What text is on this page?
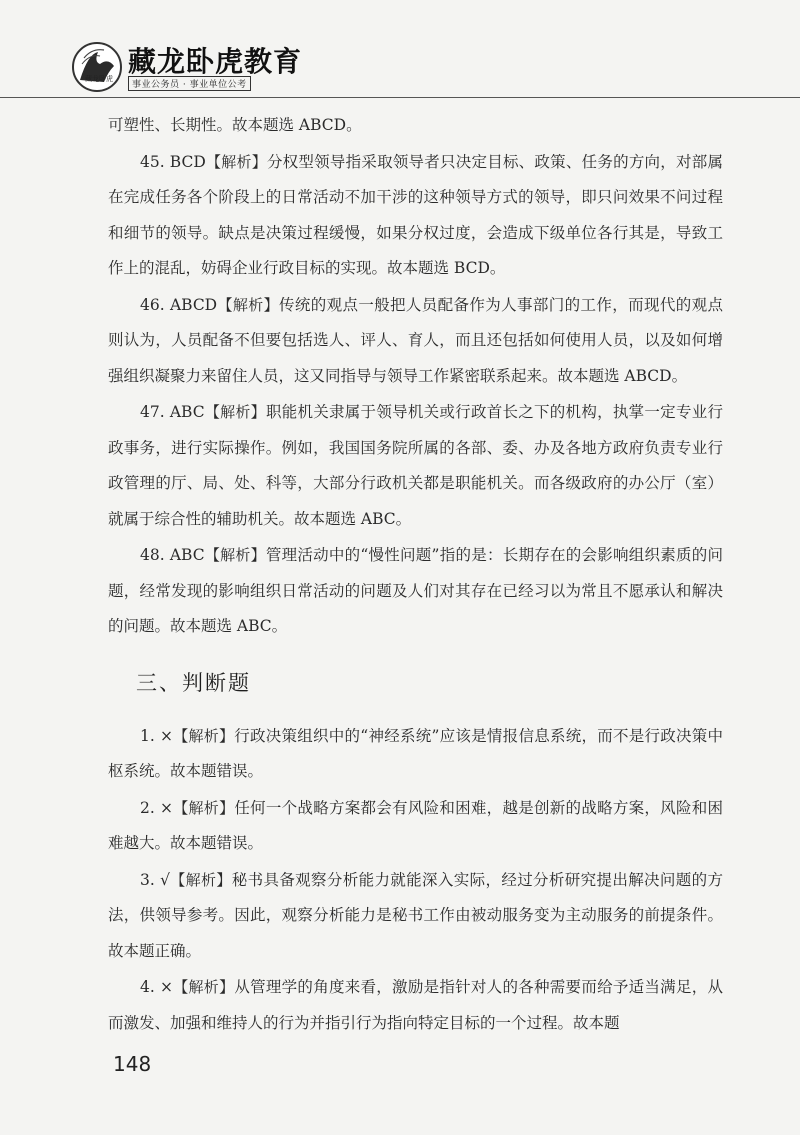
藏龙卧虎
藏龙卧虎教育
事业公务员 · 事业单位公考

可塑性、长期性。故本题选 ABCD。

45. BCD【解析】分权型领导指采取领导者只决定目标、政策、任务的方向，对部属在完成任务各个阶段上的日常活动不加干涉的这种领导方式的领导，即只问效果不问过程和细节的领导。缺点是决策过程缓慢，如果分权过度，会造成下级单位各行其是，导致工作上的混乱，妨碍企业行政目标的实现。故本题选 BCD。

46. ABCD【解析】传统的观点一般把人员配备作为人事部门的工作，而现代的观点则认为，人员配备不但要包括选人、评人、育人，而且还包括如何使用人员，以及如何增强组织凝聚力来留住人员，这又同指导与领导工作紧密联系起来。故本题选 ABCD。

47. ABC【解析】职能机关隶属于领导机关或行政首长之下的机构，执掌一定专业行政事务，进行实际操作。例如，我国国务院所属的各部、委、办及各地方政府负责专业行政管理的厅、局、处、科等，大部分行政机关都是职能机关。而各级政府的办公厅（室）就属于综合性的辅助机关。故本题选 ABC。

48. ABC【解析】管理活动中的“慢性问题”指的是：长期存在的会影响组织素质的问题，经常发现的影响组织日常活动的问题及人们对其存在已经习以为常且不愿承认和解决的问题。故本题选 ABC。

三、判断题

1. ×【解析】行政决策组织中的“神经系统”应该是情报信息系统，而不是行政决策中枢系统。故本题错误。

2. ×【解析】任何一个战略方案都会有风险和困难，越是创新的战略方案，风险和困难越大。故本题错误。

3. √【解析】秘书具备观察分析能力就能深入实际，经过分析研究提出解决问题的方法，供领导参考。因此，观察分析能力是秘书工作由被动服务变为主动服务的前提条件。故本题正确。

4. ×【解析】从管理学的角度来看，激励是指针对人的各种需要而给予适当满足，从而激发、加强和维持人的行为并指引行为指向特定目标的一个过程。故本题

148
